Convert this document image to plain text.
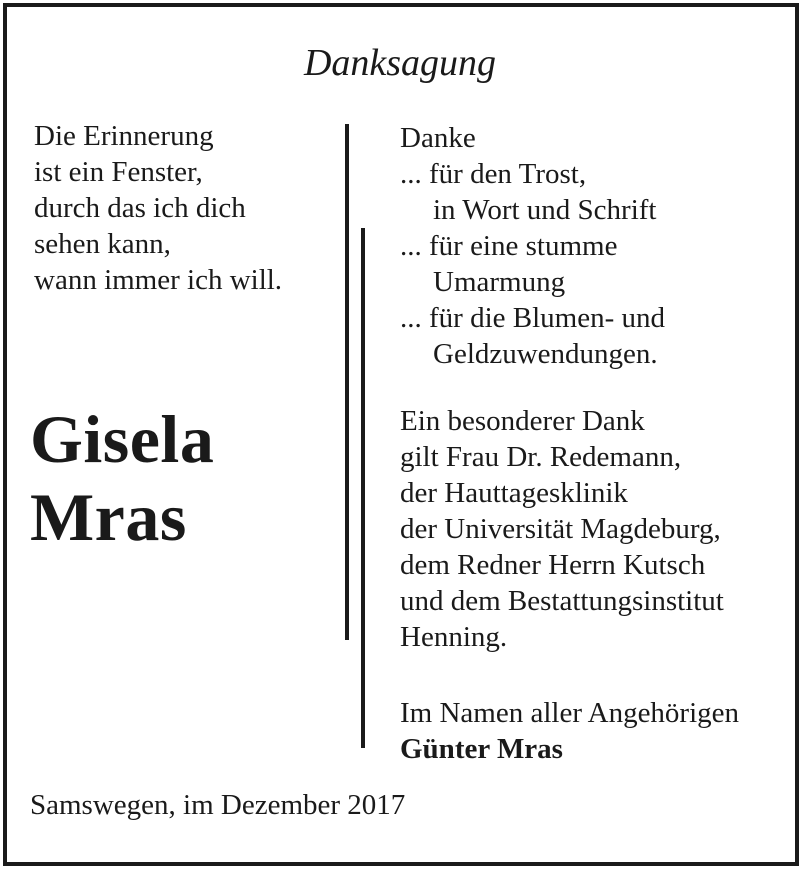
Danksagung
Die Erinnerung
ist ein Fenster,
durch das ich dich
sehen kann,
wann immer ich will.
Gisela
Mras
Danke
... für den Trost,
in Wort und Schrift
... für eine stumme
Umarmung
... für die Blumen- und
Geldzuwendungen.
Ein besonderer Dank
gilt Frau Dr. Redemann,
der Hauttagesklinik
der Universität Magdeburg,
dem Redner Herrn Kutsch
und dem Bestattungsinstitut
Henning.
Im Namen aller Angehörigen
Günter Mras
Samswegen, im Dezember 2017
